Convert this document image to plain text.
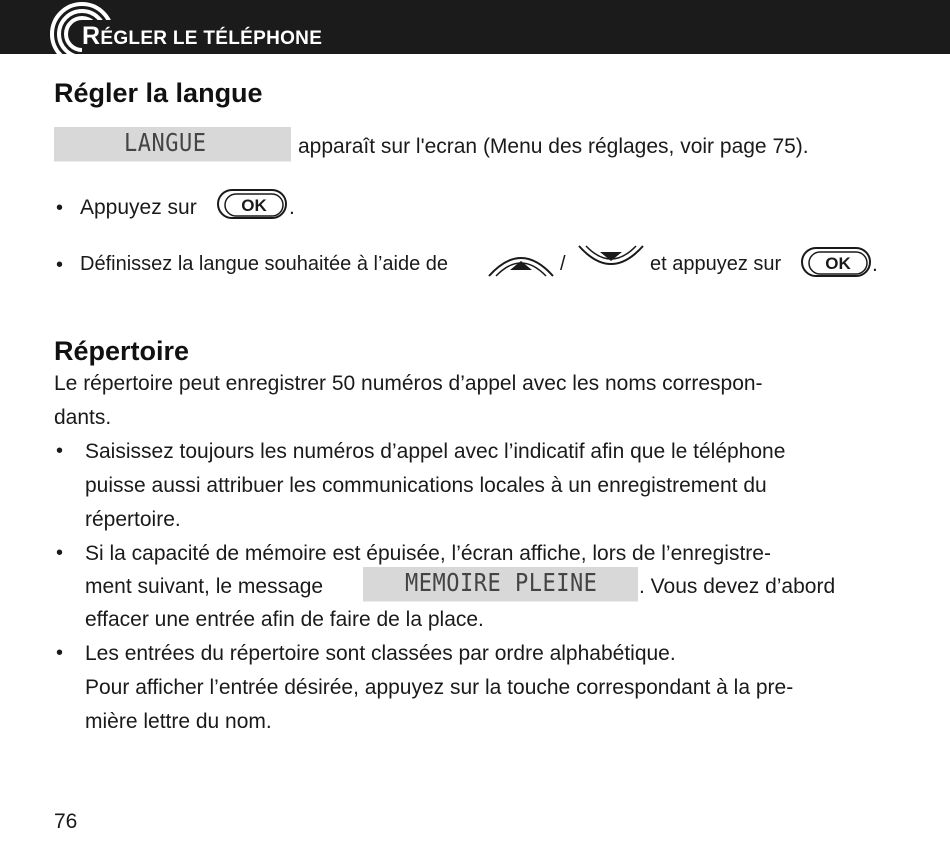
RÉGLER LE TÉLÉPHONE
Régler la langue
LANGUE	apparaît sur l'ecran (Menu des réglages, voir page 75).
• Appuyez sur	OK .
• Définissez la langue souhaitée à l’aide de	/	et appuyez sur	OK .
Répertoire
Le répertoire peut enregistrer 50 numéros d’appel avec les noms correspon-
dants.
• Saisissez toujours les numéros d’appel avec l’indicatif afin que le téléphone
puisse aussi attribuer les communications locales à un enregistrement du
répertoire.
• Si la capacité de mémoire est épuisée, l’écran affiche, lors de l’enregistre-
ment suivant, le message	MEMOIRE PLEINE	. Vous devez d’abord
effacer une entrée afin de faire de la place.
• Les entrées du répertoire sont classées par ordre alphabétique.
Pour afficher l’entrée désirée, appuyez sur la touche correspondant à la pre-
mière lettre du nom.
76
